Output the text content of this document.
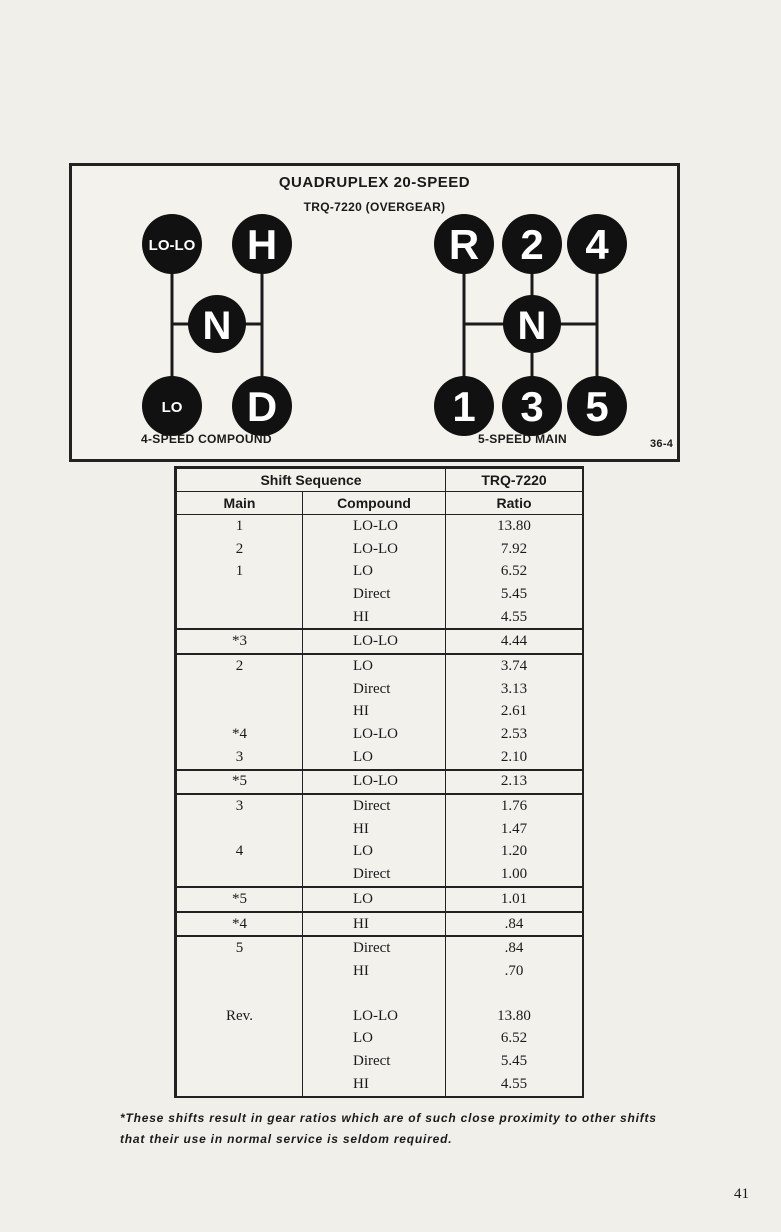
QUADRUPLEX 20-SPEED
TRQ-7220 (OVERGEAR)
LO-LO H
N
LO D
R 2 4
N
1 3 5
4-SPEED COMPOUND	5-SPEED MAIN	36-4
Shift Sequence		TRQ-7220
Main	Compound	Ratio
1	LO-LO	13.80
2	LO-LO	7.92
1	LO	6.52
	Direct	5.45
	HI	4.55
*3	LO-LO	4.44
2	LO	3.74
	Direct	3.13
	HI	2.61
*4	LO-LO	2.53
3	LO	2.10
*5	LO-LO	2.13
3	Direct	1.76
	HI	1.47
4	LO	1.20
	Direct	1.00
*5	LO	1.01
*4	HI	.84
5	Direct	.84
	HI	.70

Rev.	LO-LO	13.80
	LO	6.52
	Direct	5.45
	HI	4.55
*These shifts result in gear ratios which are of such close proximity to other shifts that their use in normal service is seldom required.
41
